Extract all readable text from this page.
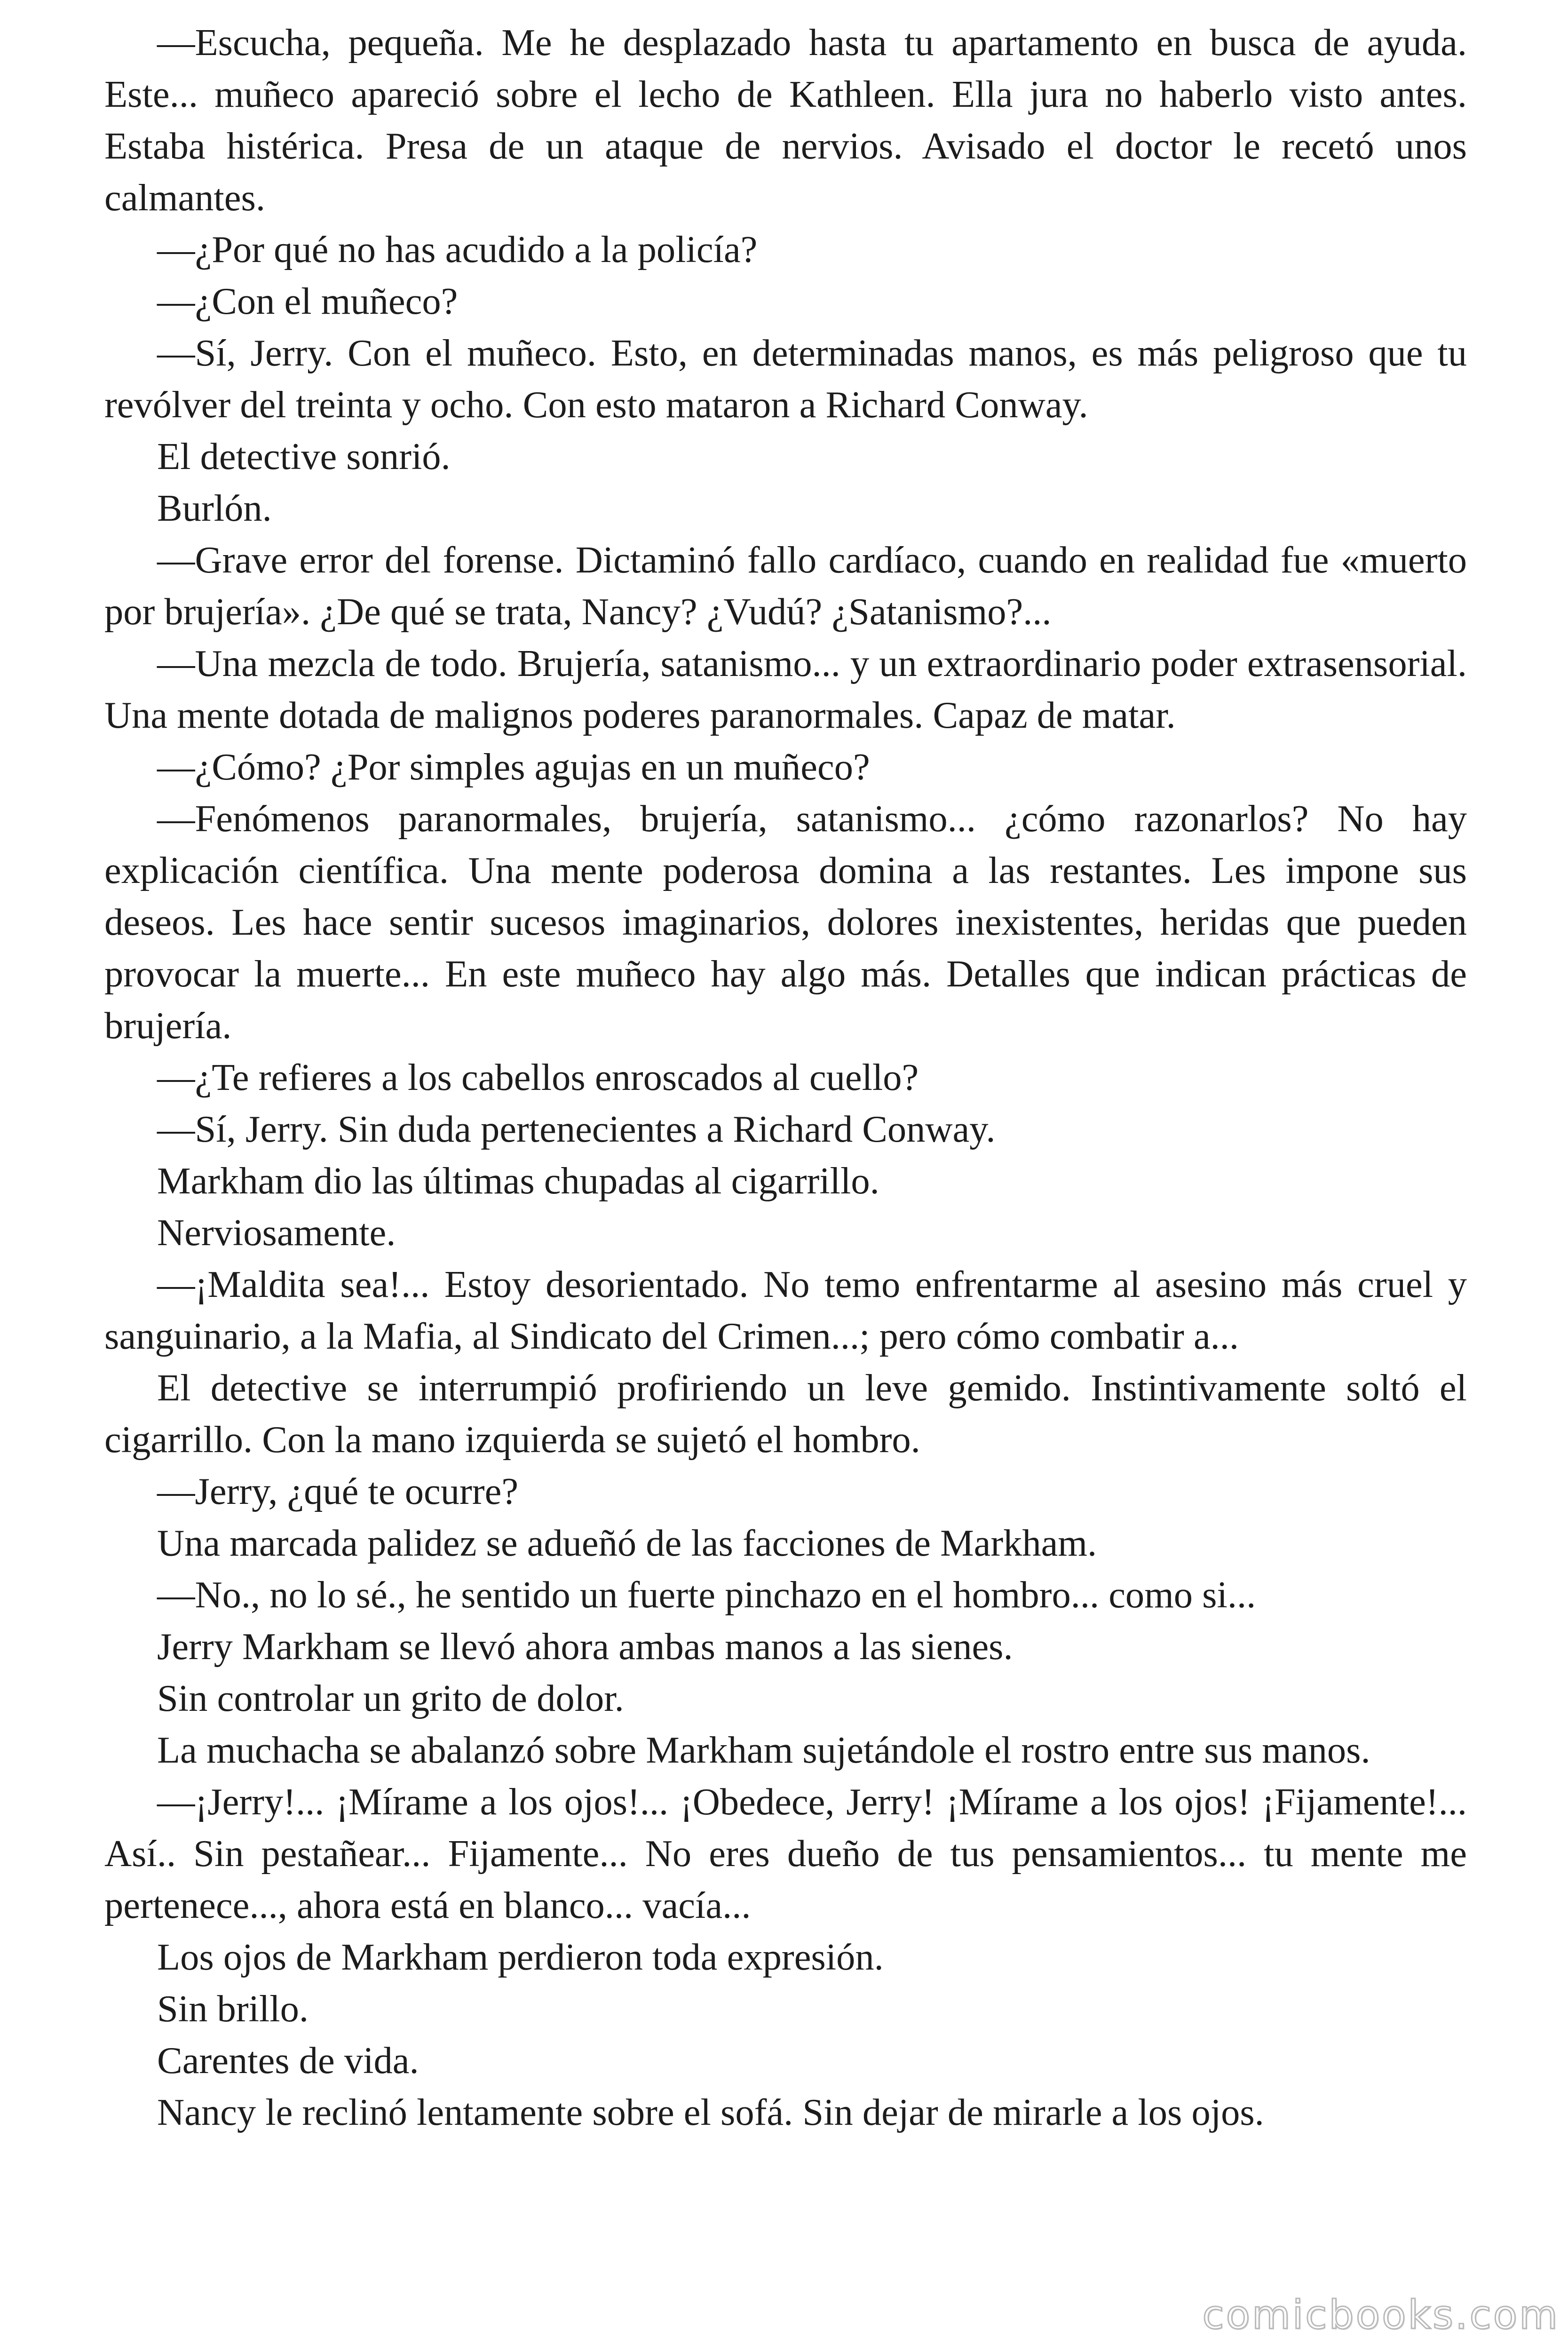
—Escucha, pequeña. Me he desplazado hasta tu apartamento en busca de ayuda. Este... muñeco apareció sobre el lecho de Kathleen. Ella jura no haberlo visto antes. Estaba histérica. Presa de un ataque de nervios. Avisado el doctor le recetó unos calmantes.

—¿Por qué no has acudido a la policía?

—¿Con el muñeco?

—Sí, Jerry. Con el muñeco. Esto, en determinadas manos, es más peligroso que tu revólver del treinta y ocho. Con esto mataron a Richard Conway.

El detective sonrió.

Burlón.

—Grave error del forense. Dictaminó fallo cardíaco, cuando en realidad fue «muerto por brujería». ¿De qué se trata, Nancy? ¿Vudú? ¿Satanismo?...

—Una mezcla de todo. Brujería, satanismo... y un extraordinario poder extrasensorial. Una mente dotada de malignos poderes paranormales. Capaz de matar.

—¿Cómo? ¿Por simples agujas en un muñeco?

—Fenómenos paranormales, brujería, satanismo... ¿cómo razonarlos? No hay explicación científica. Una mente poderosa domina a las restantes. Les impone sus deseos. Les hace sentir sucesos imaginarios, dolores inexistentes, heridas que pueden provocar la muerte... En este muñeco hay algo más. Detalles que indican prácticas de brujería.

—¿Te refieres a los cabellos enroscados al cuello?

—Sí, Jerry. Sin duda pertenecientes a Richard Conway.

Markham dio las últimas chupadas al cigarrillo.

Nerviosamente.

—¡Maldita sea!... Estoy desorientado. No temo enfrentarme al asesino más cruel y sanguinario, a la Mafia, al Sindicato del Crimen...; pero cómo combatir a...

El detective se interrumpió profiriendo un leve gemido. Instintivamente soltó el cigarrillo. Con la mano izquierda se sujetó el hombro.

—Jerry, ¿qué te ocurre?

Una marcada palidez se adueñó de las facciones de Markham.

—No., no lo sé., he sentido un fuerte pinchazo en el hombro... como si...

Jerry Markham se llevó ahora ambas manos a las sienes.

Sin controlar un grito de dolor.

La muchacha se abalanzó sobre Markham sujetándole el rostro entre sus manos.

—¡Jerry!... ¡Mírame a los ojos!... ¡Obedece, Jerry! ¡Mírame a los ojos! ¡Fijamente!... Así.. Sin pestañear... Fijamente... No eres dueño de tus pensamientos... tu mente me pertenece..., ahora está en blanco... vacía...

Los ojos de Markham perdieron toda expresión.

Sin brillo.

Carentes de vida.

Nancy le reclinó lentamente sobre el sofá. Sin dejar de mirarle a los ojos.

comicbooks.com
